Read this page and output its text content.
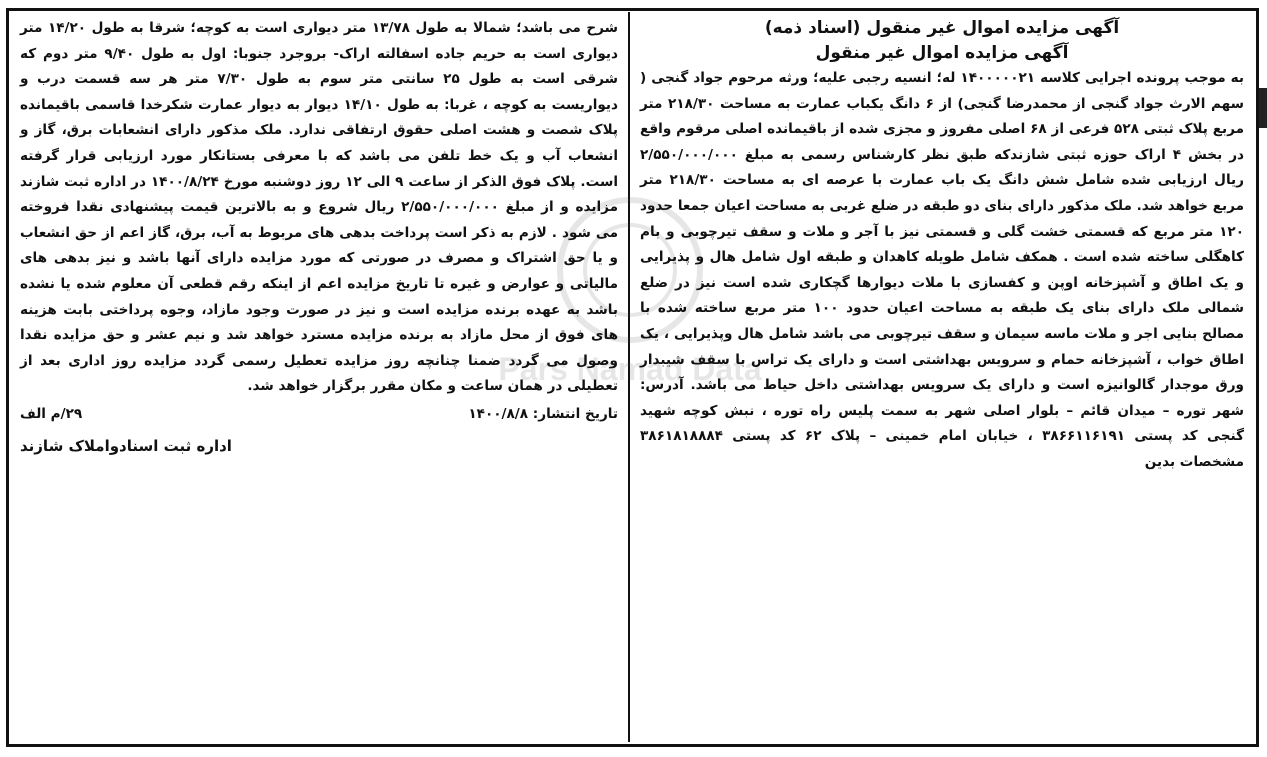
Pars Namad Data
آگهی مزایده اموال غیر منقول (اسناد ذمه)
آگهی مزایده اموال غیر منقول

به موجب پرونده اجرایی کلاسه ۱۴۰۰۰۰۰۲۱ له؛ انسیه رجبی علیه؛ ورثه مرحوم جواد گنجی ( سهم الارث جواد گنجی از محمدرضا گنجی) از ۶ دانگ یکباب عمارت به مساحت ۲۱۸/۳۰ متر مربع پلاک ثبتی ۵۲۸ فرعی از ۶۸ اصلی مفروز و مجزی شده از باقیمانده اصلی مرقوم واقع در بخش ۴ اراک حوزه ثبتی شازندکه طبق نظر کارشناس رسمی به مبلغ ۲/۵۵۰/۰۰۰/۰۰۰ ریال ارزیابی شده شامل شش دانگ یک باب عمارت با عرصه ای به مساحت ۲۱۸/۳۰ متر مربع خواهد شد. ملک مذکور دارای بنای دو طبقه در ضلع غربی به مساحت اعیان جمعا حدود ۱۲۰ متر مربع که قسمتی خشت گلی و قسمتی نیز با آجر و ملات و سقف تیرچوبی و بام کاهگلی ساخته شده است . همکف شامل طویله کاهدان و طبقه اول شامل هال و پذیرایی و یک اطاق و آشپزخانه اوپن و کفسازی با ملات دیوارها گچکاری شده است نیز در ضلع شمالی ملک دارای بنای یک طبقه به مساحت اعیان حدود ۱۰۰ متر مربع ساخته شده با مصالح بنایی اجر و ملات ماسه سیمان و سقف تیرچوبی می باشد شامل هال وپذیرایی ، یک اطاق خواب ، آشپزخانه حمام و سرویس بهداشتی است و دارای یک تراس با سقف شیبدار ورق موجدار گالوانیزه است و دارای یک سرویس بهداشتی داخل حیاط می باشد. آدرس: شهر توره – میدان قائم – بلوار اصلی شهر به سمت پلیس راه توره ، نبش کوچه شهید گنجی کد پستی ۳۸۶۶۱۱۶۱۹۱ ، خیابان امام خمینی – پلاک ۶۲ کد پستی ۳۸۶۱۸۱۸۸۸۴ مشخصات بدین

شرح می باشد؛ شمالا به طول ۱۳/۷۸ متر دیواری است به کوچه؛ شرقا به طول ۱۴/۲۰ متر دیواری است به حریم جاده اسفالته اراک- بروجرد جنوبا: اول به طول ۹/۴۰ متر دوم که شرقی است به طول ۲۵ سانتی متر سوم به طول ۷/۳۰ متر هر سه قسمت درب و دیواریست به کوچه ، غربا: به طول ۱۴/۱۰ دیوار به دیوار عمارت شکرخدا قاسمی باقیمانده پلاک شصت و هشت اصلی حقوق ارتفاقی ندارد. ملک مذکور دارای انشعابات برق، گاز و انشعاب آب و یک خط تلفن می باشد که با معرفی بستانکار مورد ارزیابی قرار گرفته است. پلاک فوق الذکر از ساعت ۹ الی ۱۲ روز دوشنبه مورخ ۱۴۰۰/۸/۲۴ در اداره ثبت شازند مزایده و از مبلغ ۲/۵۵۰/۰۰۰/۰۰۰ ریال شروع و به بالاترین قیمت پیشنهادی نقدا فروخته می شود . لازم به ذکر است پرداخت بدهی های مربوط به آب، برق، گاز اعم از حق انشعاب و یا حق اشتراک و مصرف در صورتی که مورد مزایده دارای آنها باشد و نیز بدهی های مالیاتی و عوارض و غیره تا تاریخ مزایده اعم از اینکه رقم قطعی آن معلوم شده یا نشده باشد به عهده برنده مزایده است و نیز در صورت وجود مازاد، وجوه پرداختی بابت هزینه های فوق از محل مازاد به برنده مزایده مسترد خواهد شد و نیم عشر و حق مزایده نقدا وصول می گردد ضمنا چنانچه روز مزایده تعطیل رسمی گردد مزایده روز اداری بعد از تعطیلی در همان ساعت و مکان مقرر برگزار خواهد شد.

تاریخ انتشار: ۱۴۰۰/۸/۸
۲۹/م الف
اداره ثبت اسنادواملاک شازند
